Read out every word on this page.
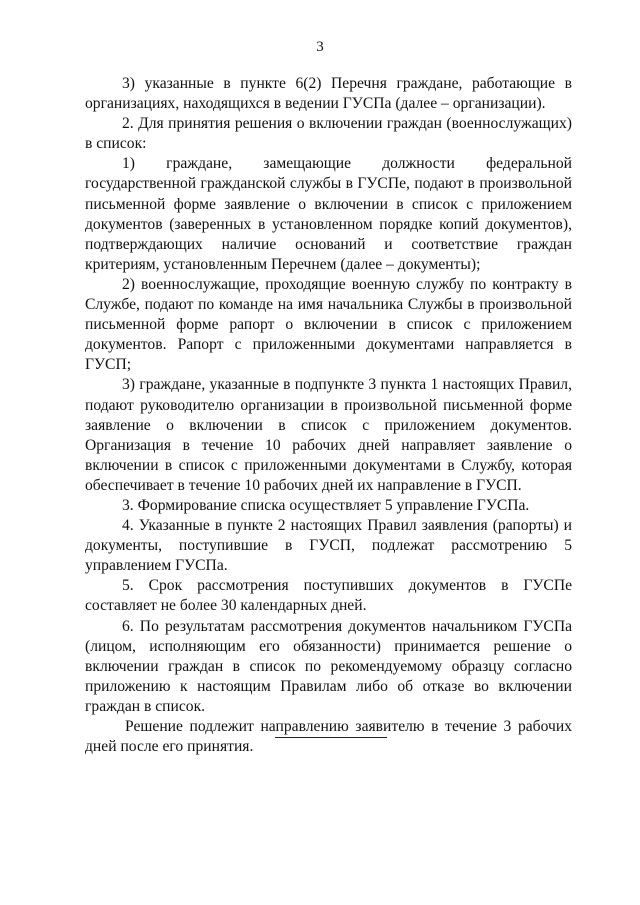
3

3) указанные в пункте 6(2) Перечня граждане, работающие в организациях, находящихся в ведении ГУСПа (далее – организации).

2. Для принятия решения о включении граждан (военнослужащих) в список:

1) граждане, замещающие должности федеральной государственной гражданской службы в ГУСПе, подают в произвольной письменной форме заявление о включении в список с приложением документов (заверенных в установленном порядке копий документов), подтверждающих наличие оснований и соответствие граждан критериям, установленным Перечнем (далее – документы);

2) военнослужащие, проходящие военную службу по контракту в Службе, подают по команде на имя начальника Службы в произвольной письменной форме рапорт о включении в список с приложением документов. Рапорт с приложенными документами направляется в ГУСП;

3) граждане, указанные в подпункте 3 пункта 1 настоящих Правил, подают руководителю организации в произвольной письменной форме заявление о включении в список с приложением документов. Организация в течение 10 рабочих дней направляет заявление о включении в список с приложенными документами в Службу, которая обеспечивает в течение 10 рабочих дней их направление в ГУСП.

3. Формирование списка осуществляет 5 управление ГУСПа.

4. Указанные в пункте 2 настоящих Правил заявления (рапорты) и документы, поступившие в ГУСП, подлежат рассмотрению 5 управлением ГУСПа.

5. Срок рассмотрения поступивших документов в ГУСПе составляет не более 30 календарных дней.

6. По результатам рассмотрения документов начальником ГУСПа (лицом, исполняющим его обязанности) принимается решение о включении граждан в список по рекомендуемому образцу согласно приложению к настоящим Правилам либо об отказе во включении граждан в список.

Решение подлежит направлению заявителю в течение 3 рабочих дней после его принятия.
